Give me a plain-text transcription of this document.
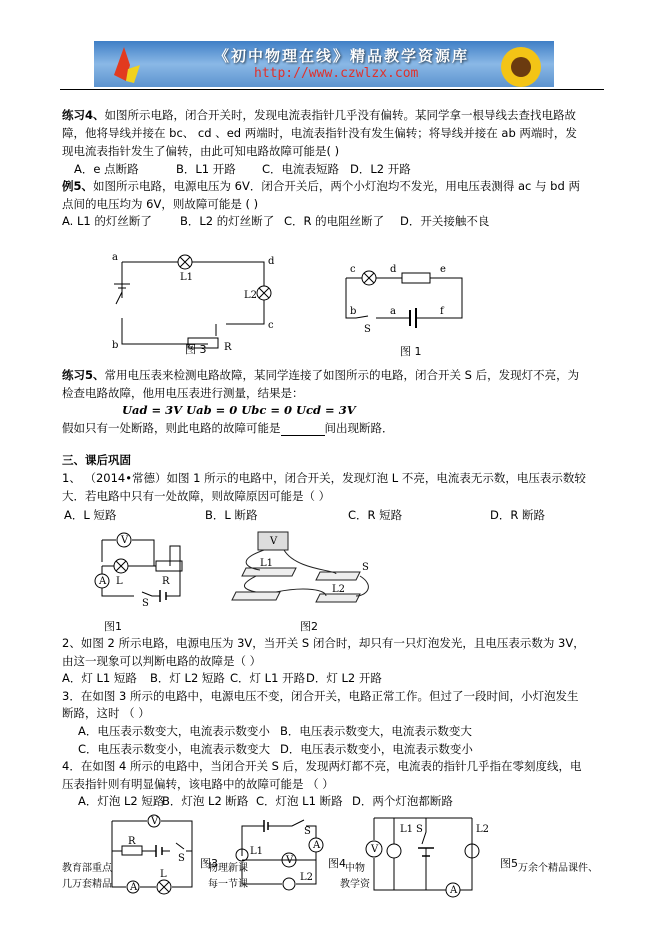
《初中物理在线》精品教学资源库
http://www.czwlzx.com
练习4、如图所示电路，闭合开关时，发现电流表指针几乎没有偏转。某同学拿一根导线去查找电路故
障，他将导线并接在 bc、 cd 、ed 两端时，电流表指针没有发生偏转；将导线并接在 ab 两端时，发
现电流表指针发生了偏转，由此可知电路故障可能是( )
A．e 点断路	B．L1 开路 C．电流表短路 D．L2 开路
例5、如图所示电路，电源电压为 6V．闭合开关后，两个小灯泡均不发光，用电压表测得 ac 与 bd 两
点间的电压均为 6V，则故障可能是 ( )
A. L1 的灯丝断了 B．L2 的灯丝断了 C．R 的电阻丝断了 D．开关接触不良
a	d
c
b
L1
L2
R
图 3
c	d	e
b	a	f
S
图 1
练习5、常用电压表来检测电路故障，某同学连接了如图所示的电路，闭合开关 S 后，发现灯不亮，为
检查电路故障，他用电压表进行测量，结果是：
Uad = 3V Uab = 0 Ubc = 0 Ucd = 3V
假如只有一处断路，则此电路的故障可能是	间出现断路．
三、课后巩固
1、 （2014•常德）如图 1 所示的电路中，闭合开关，发现灯泡 L 不亮，电流表无示数，电压表示数较
大．若电路中只有一处故障，则故障原因可能是（ ）
A．L 短路	B．L 断路	C．R 短路	D．R 断路
V
L	R
A
S
图1
V
L1
L2
S
图2
2、如图 2 所示电路，电源电压为 3V，当开关 S 闭合时，却只有一只灯泡发光，且电压表示数为 3V，
由这一现象可以判断电路的故障是（ ）
A．灯 L1 短路 B．灯 L2 短路 C．灯 L1 开路 D．灯 L2 开路
3．在如图 3 所示的电路中，电源电压不变，闭合开关，电路正常工作。但过了一段时间，小灯泡发生
断路，这时 （ ）
A．电压表示数变大，电流表示数变小 B．电压表示数变大，电流表示数变大
C．电压表示数变小，电流表示数变大 D．电压表示数变小，电流表示数变小
4．在如图 4 所示的电路中，当闭合开关 S 后，发现两灯都不亮，电流表的指针几乎指在零刻度线，电
压表指针则有明显偏转，该电路中的故障可能是 （ ）
A．灯泡 L2 短路
B．灯泡 L2 断路 C．灯泡 L1 断路 D．两个灯泡都断路
V
R
S
A
L
V
A
S
L1
L2
V
L1 S	L2
A
图3	图4	图5
教育部重点	物理新课	中物	万余个精品课件、
几万套精品	每一节课	教学资
